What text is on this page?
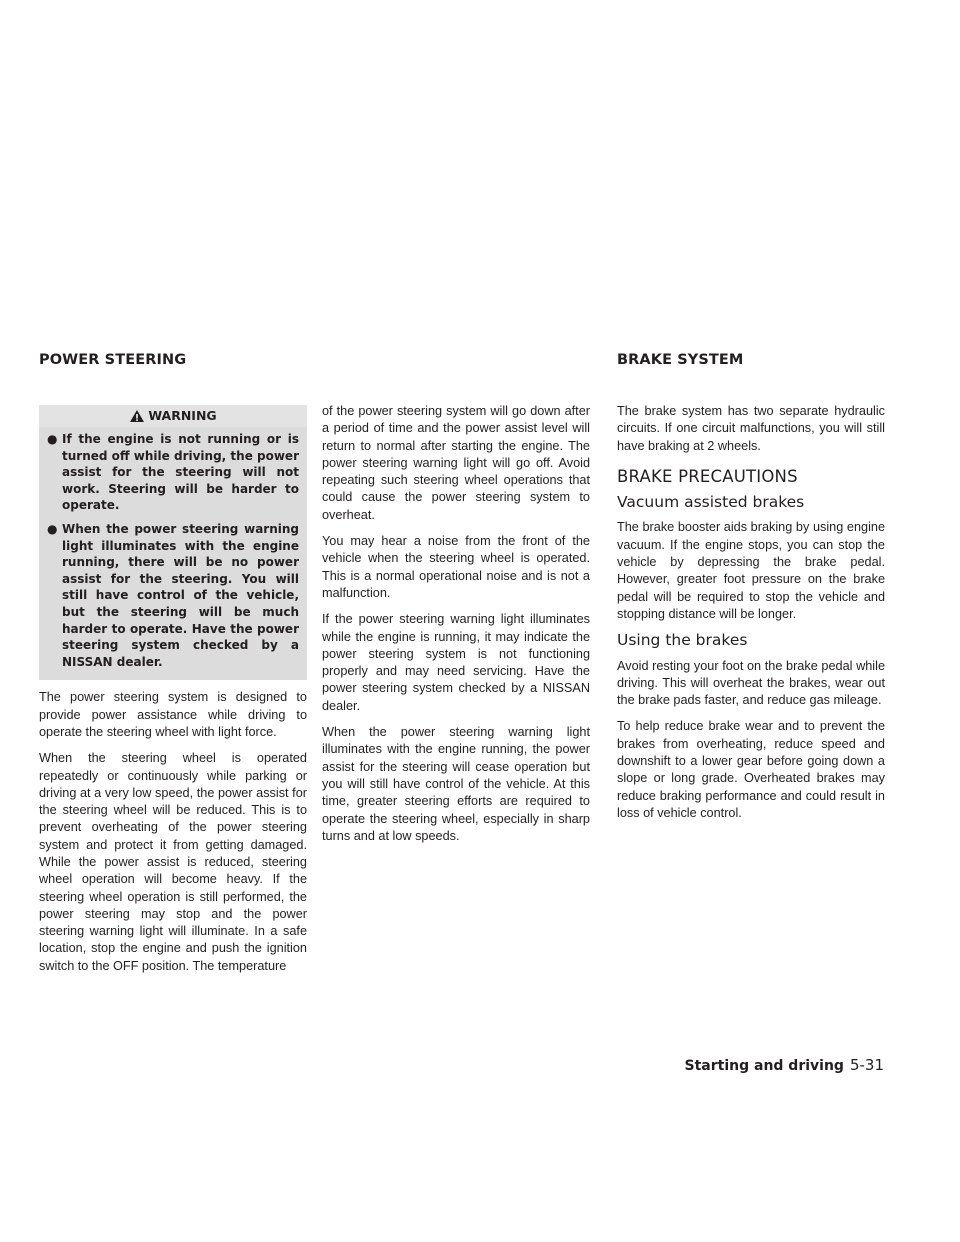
POWER STEERING	BRAKE SYSTEM
WARNING
● If the engine is not running or is turned off while driving, the power assist for the steering will not work. Steering will be harder to operate.
● When the power steering warning light illuminates with the engine running, there will be no power assist for the steering. You will still have control of the vehicle, but the steering will be much harder to operate. Have the power steering system checked by a NISSAN dealer.

The power steering system is designed to provide power assistance while driving to operate the steering wheel with light force.

When the steering wheel is operated repeatedly or continuously while parking or driving at a very low speed, the power assist for the steering wheel will be reduced. This is to prevent overheating of the power steering system and protect it from getting damaged. While the power assist is reduced, steering wheel operation will become heavy. If the steering wheel operation is still performed, the power steering may stop and the power steering warning light will illuminate. In a safe location, stop the engine and push the ignition switch to the OFF position. The temperature

of the power steering system will go down after a period of time and the power assist level will return to normal after starting the engine. The power steering warning light will go off. Avoid repeating such steering wheel operations that could cause the power steering system to overheat.

You may hear a noise from the front of the vehicle when the steering wheel is operated. This is a normal operational noise and is not a malfunction.

If the power steering warning light illuminates while the engine is running, it may indicate the power steering system is not functioning properly and may need servicing. Have the power steering system checked by a NISSAN dealer.

When the power steering warning light illuminates with the engine running, the power assist for the steering will cease operation but you will still have control of the vehicle. At this time, greater steering efforts are required to operate the steering wheel, especially in sharp turns and at low speeds.

The brake system has two separate hydraulic circuits. If one circuit malfunctions, you will still have braking at 2 wheels.

BRAKE PRECAUTIONS
Vacuum assisted brakes

The brake booster aids braking by using engine vacuum. If the engine stops, you can stop the vehicle by depressing the brake pedal. However, greater foot pressure on the brake pedal will be required to stop the vehicle and stopping distance will be longer.

Using the brakes

Avoid resting your foot on the brake pedal while driving. This will overheat the brakes, wear out the brake pads faster, and reduce gas mileage.

To help reduce brake wear and to prevent the brakes from overheating, reduce speed and downshift to a lower gear before going down a slope or long grade. Overheated brakes may reduce braking performance and could result in loss of vehicle control.

Starting and driving 5-31
